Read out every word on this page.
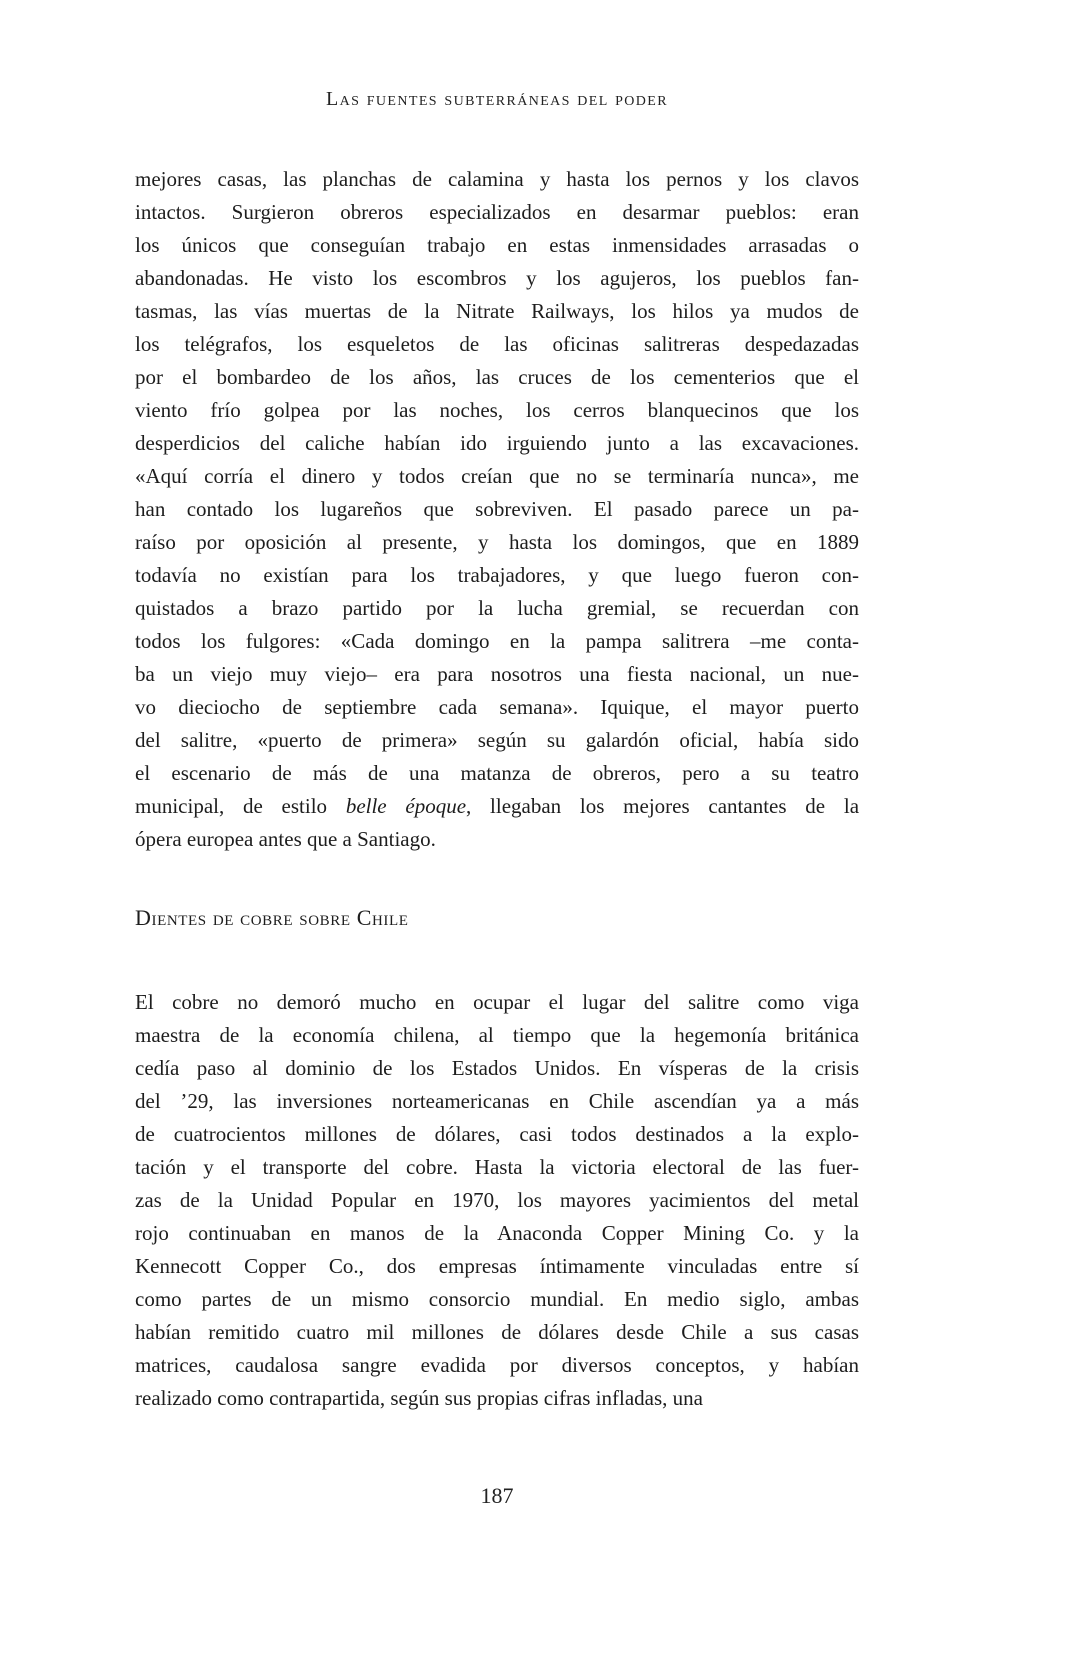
Las fuentes subterráneas del poder
mejores casas, las planchas de calamina y hasta los pernos y los clavos
intactos. Surgieron obreros especializados en desarmar pueblos: eran
los únicos que conseguían trabajo en estas inmensidades arrasadas o
abandonadas. He visto los escombros y los agujeros, los pueblos fan-
tasmas, las vías muertas de la Nitrate Railways, los hilos ya mudos de
los telégrafos, los esqueletos de las oficinas salitreras despedazadas
por el bombardeo de los años, las cruces de los cementerios que el
viento frío golpea por las noches, los cerros blanquecinos que los
desperdicios del caliche habían ido irguiendo junto a las excavaciones.
«Aquí corría el dinero y todos creían que no se terminaría nunca», me
han contado los lugareños que sobreviven. El pasado parece un pa-
raíso por oposición al presente, y hasta los domingos, que en 1889
todavía no existían para los trabajadores, y que luego fueron con-
quistados a brazo partido por la lucha gremial, se recuerdan con
todos los fulgores: «Cada domingo en la pampa salitrera –me conta-
ba un viejo muy viejo– era para nosotros una fiesta nacional, un nue-
vo dieciocho de septiembre cada semana». Iquique, el mayor puerto
del salitre, «puerto de primera» según su galardón oficial, había sido
el escenario de más de una matanza de obreros, pero a su teatro
municipal, de estilo belle époque, llegaban los mejores cantantes de la
ópera europea antes que a Santiago.
Dientes de cobre sobre Chile
El cobre no demoró mucho en ocupar el lugar del salitre como viga
maestra de la economía chilena, al tiempo que la hegemonía británica
cedía paso al dominio de los Estados Unidos. En vísperas de la crisis
del ’29, las inversiones norteamericanas en Chile ascendían ya a más
de cuatrocientos millones de dólares, casi todos destinados a la explo-
tación y el transporte del cobre. Hasta la victoria electoral de las fuer-
zas de la Unidad Popular en 1970, los mayores yacimientos del metal
rojo continuaban en manos de la Anaconda Copper Mining Co. y la
Kennecott Copper Co., dos empresas íntimamente vinculadas entre sí
como partes de un mismo consorcio mundial. En medio siglo, ambas
habían remitido cuatro mil millones de dólares desde Chile a sus casas
matrices, caudalosa sangre evadida por diversos conceptos, y habían
realizado como contrapartida, según sus propias cifras infladas, una
187
